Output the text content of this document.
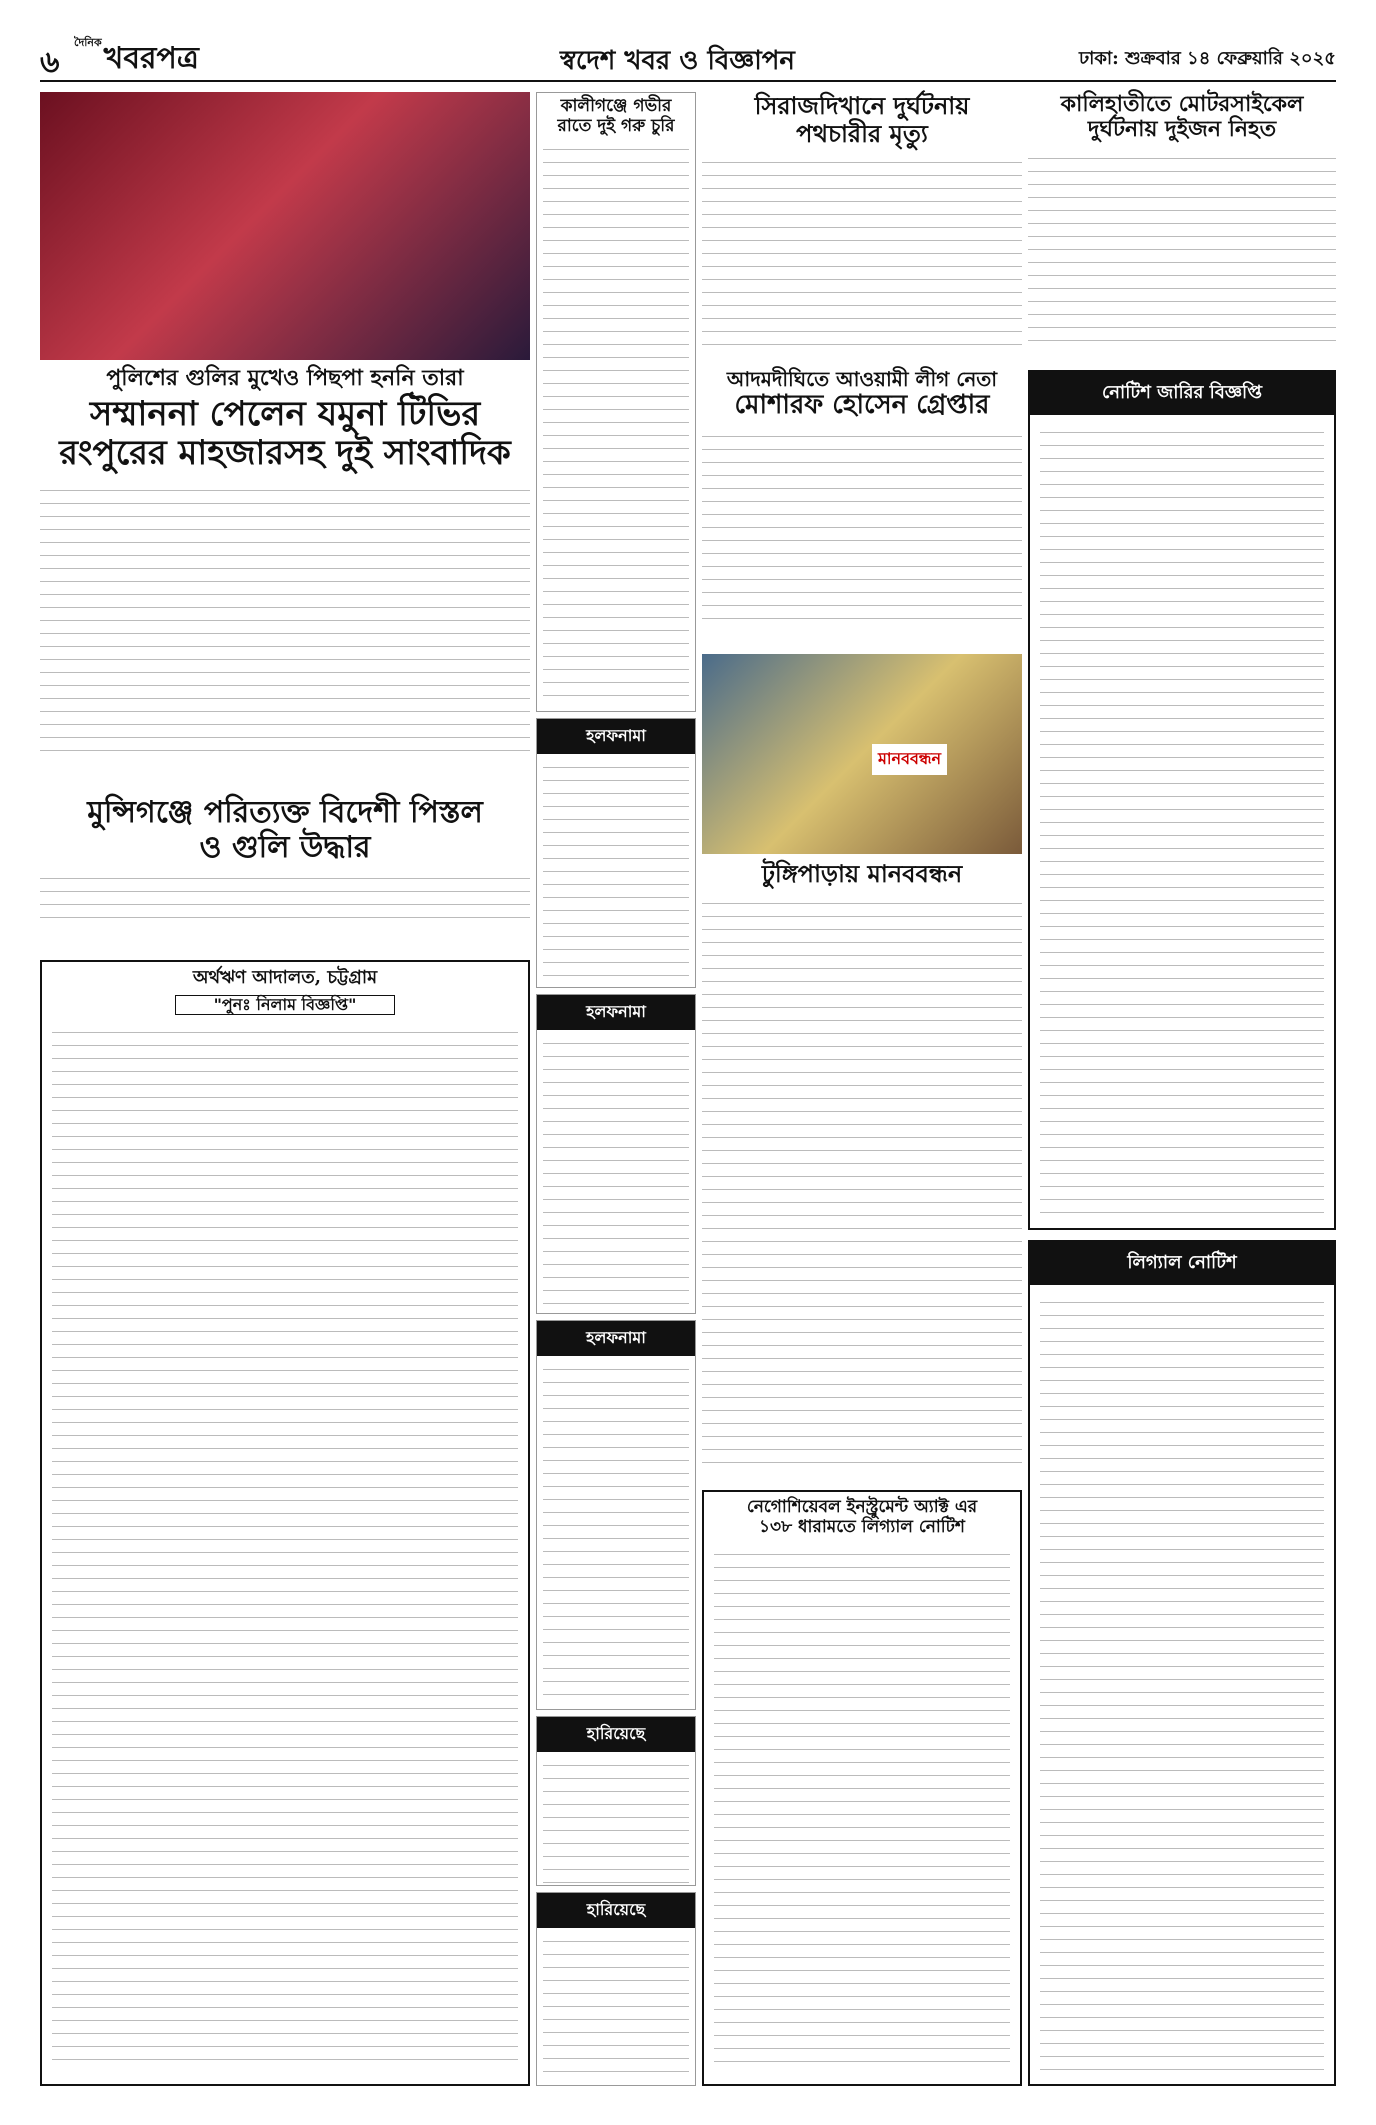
৬
$^{দৈনিক}$খবরপত্র	স্বদেশ খবর ও বিজ্ঞাপন	ঢাকা: শুক্রবার ১৪ ফেব্রুয়ারি ২০২৫
পুলিশের গুলির মুখেও পিছপা হননি তারা
সম্মাননা পেলেন যমুনা টিভির
রংপুরের মাহজারসহ দুই সাংবাদিক
মুন্সিগঞ্জে পরিত্যক্ত বিদেশী পিস্তল
ও গুলি উদ্ধার
অর্থঋণ আদালত, চট্টগ্রাম
"পুনঃ নিলাম বিজ্ঞপ্তি"
কালীগঞ্জে গভীর
রাতে দুই গরু চুরি
হলফনামা
হলফনামা
হলফনামা
হারিয়েছে
হারিয়েছে
সিরাজদিখানে দুর্ঘটনায়
পথচারীর মৃত্যু
আদমদীঘিতে আওয়ামী লীগ নেতা
মোশারফ হোসেন গ্রেপ্তার
মানববন্ধন
টুঙ্গিপাড়ায় মানববন্ধন
নেগোশিয়েবল ইনস্ট্রুমেন্ট অ্যাক্ট এর
১৩৮ ধারামতে লিগ্যাল নোটিশ
কালিহাতীতে মোটরসাইকেল
দুর্ঘটনায় দুইজন নিহত
নোটিশ জারির বিজ্ঞপ্তি
লিগ্যাল নোটিশ
